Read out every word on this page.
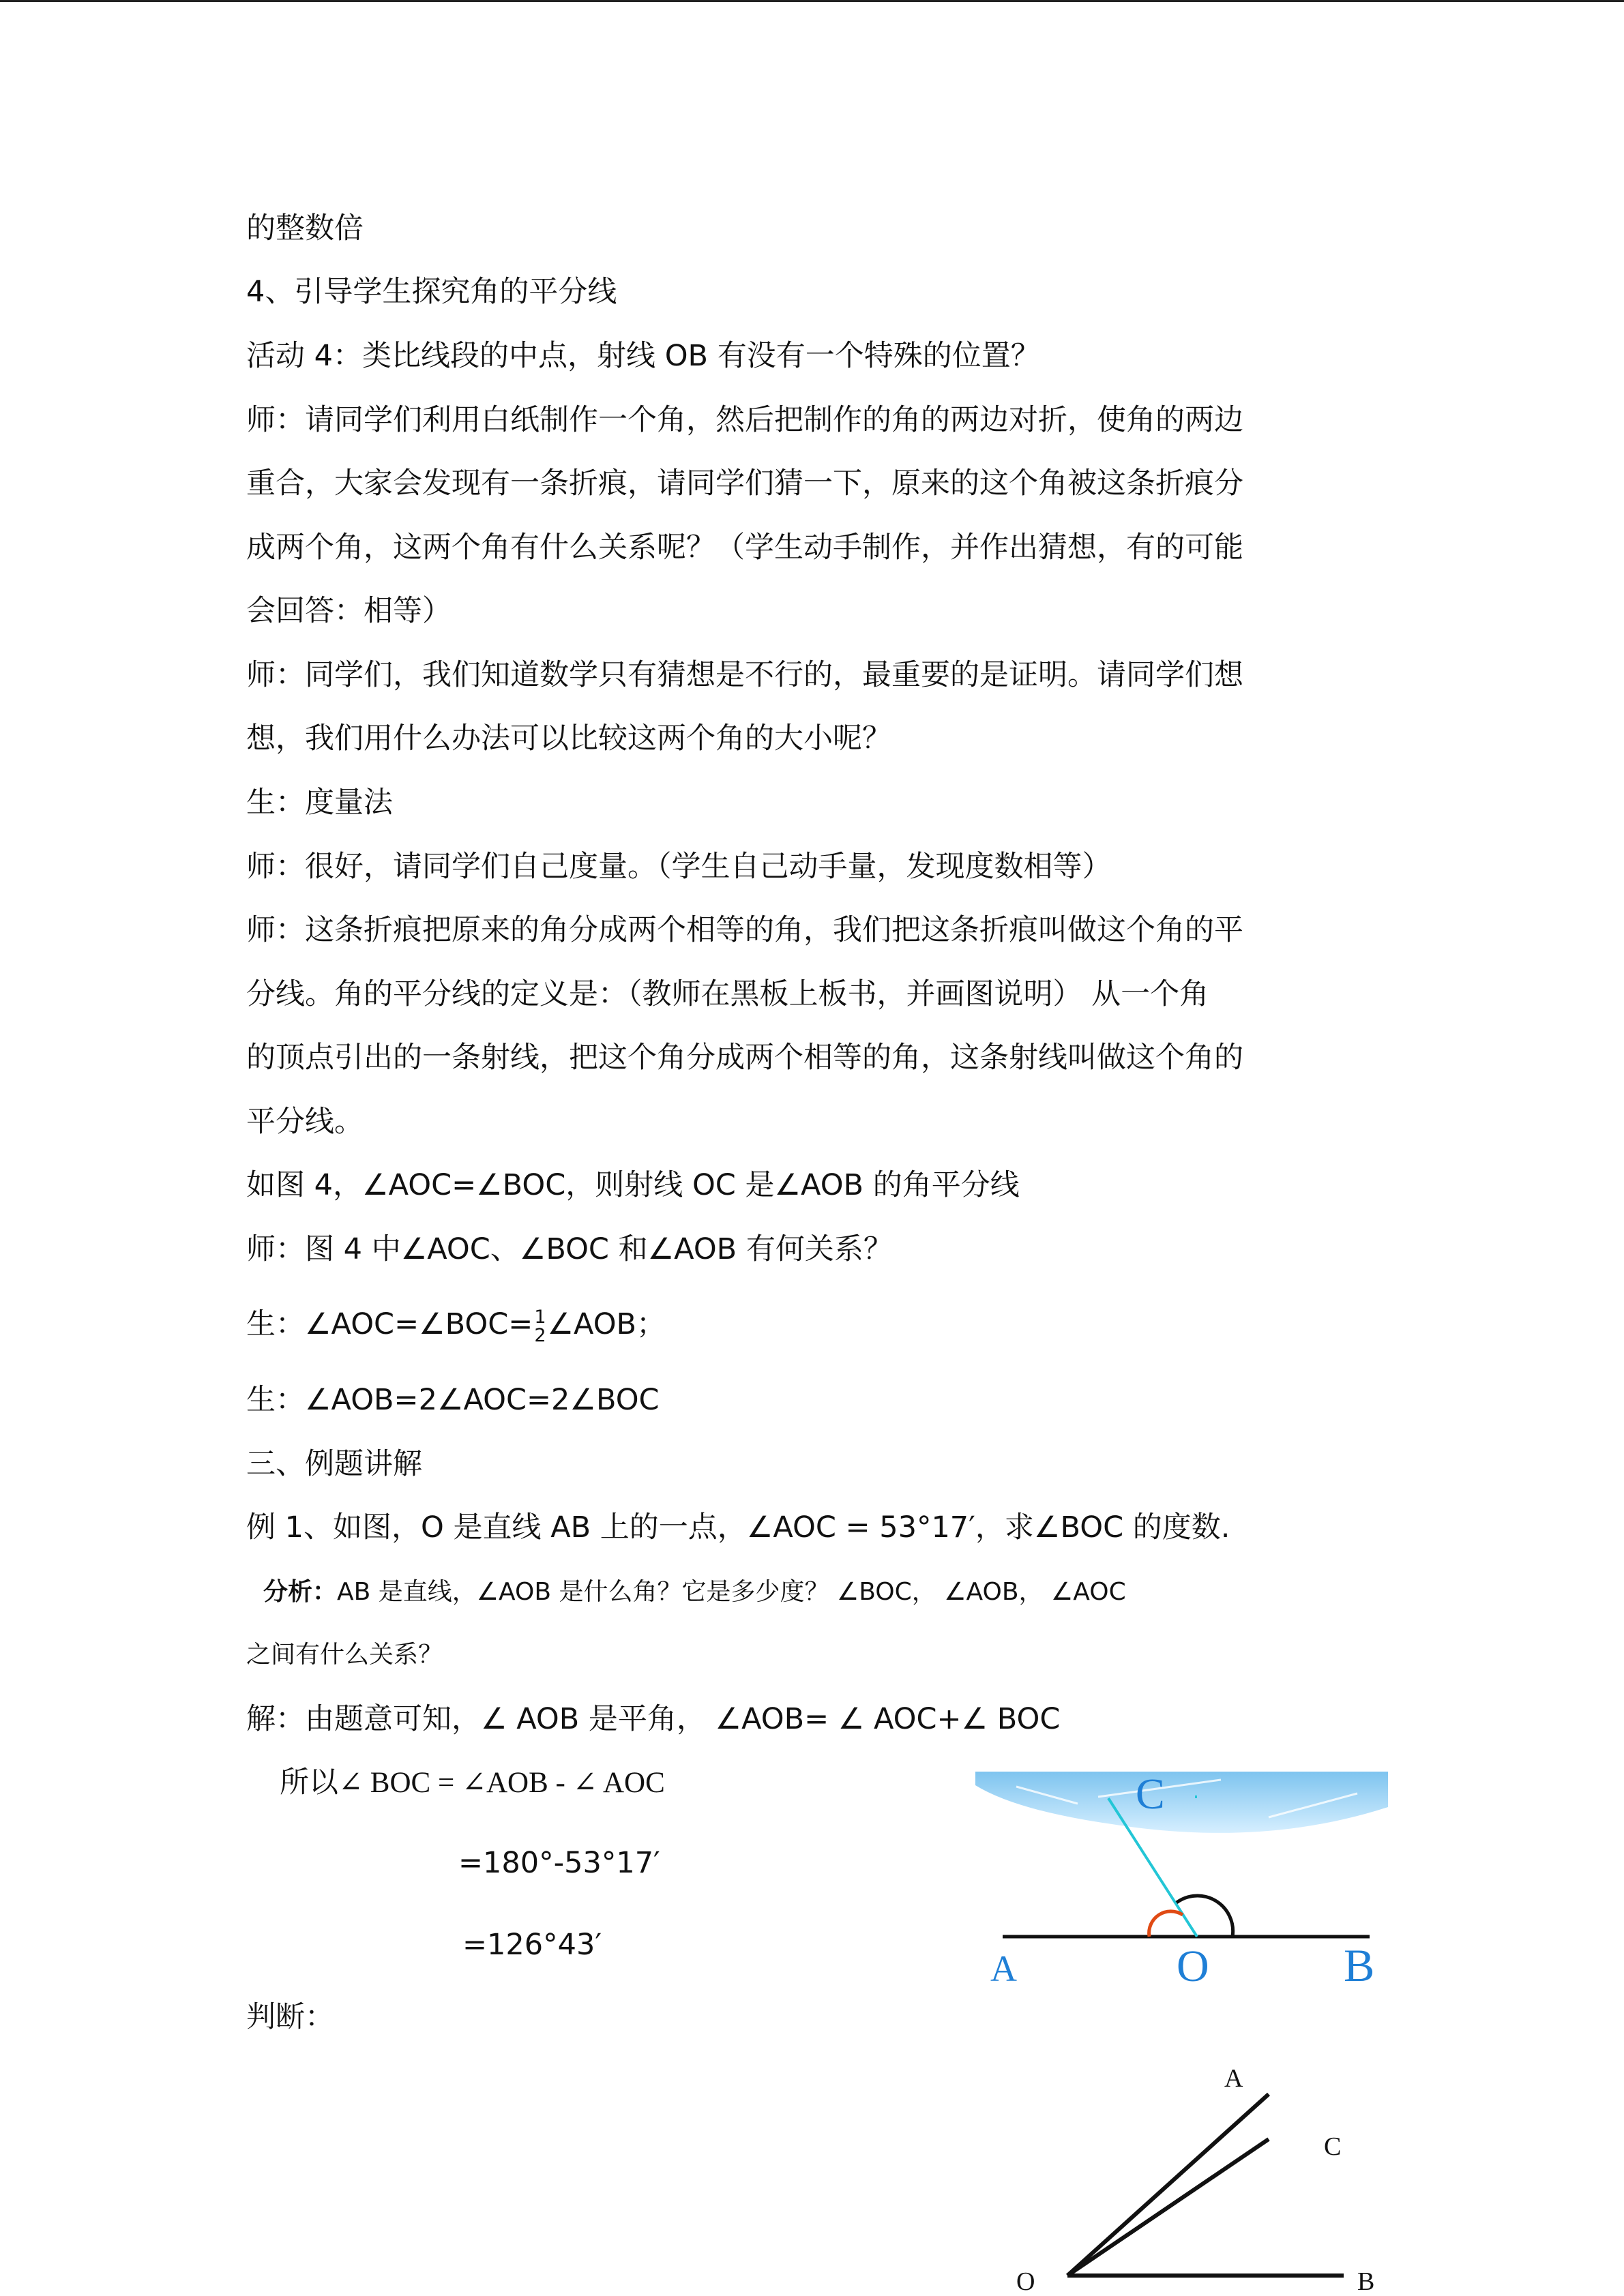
的整数倍
4、引导学生探究角的平分线
活动 4：类比线段的中点，射线 OB 有没有一个特殊的位置？
师：请同学们利用白纸制作一个角，然后把制作的角的两边对折，使角的两边
重合，大家会发现有一条折痕，请同学们猜一下，原来的这个角被这条折痕分
成两个角，这两个角有什么关系呢？（学生动手制作，并作出猜想，有的可能
会回答：相等）
师：同学们，我们知道数学只有猜想是不行的，最重要的是证明。请同学们想
想，我们用什么办法可以比较这两个角的大小呢？
生：度量法
师：很好，请同学们自己度量。（学生自己动手量，发现度数相等）
师：这条折痕把原来的角分成两个相等的角，我们把这条折痕叫做这个角的平
分线。角的平分线的定义是：（教师在黑板上板书，并画图说明） 从一个角
的顶点引出的一条射线，把这个角分成两个相等的角，这条射线叫做这个角的
平分线。
如图 4，∠AOC=∠BOC，则射线 OC 是∠AOB 的角平分线
师：图 4 中∠AOC、∠BOC 和∠AOB 有何关系？
生：∠AOC=∠BOC= 1
2 ∠AOB；
生：∠AOB=2∠AOC=2∠BOC
三、例题讲解
例 1、如图，O 是直线 AB 上的一点，∠AOC = 53°17′，求∠BOC 的度数.
分析：AB 是直线，∠AOB 是什么角？它是多少度？ ∠BOC， ∠AOB， ∠AOC
之间有什么关系？
解：由题意可知，∠ AOB 是平角， ∠AOB= ∠ AOC+∠ BOC
所以∠ BOC = ∠AOB - ∠ AOC
=180°-53°17′
=126°43′
判断：
C
A	O	B
A
C
O	B
